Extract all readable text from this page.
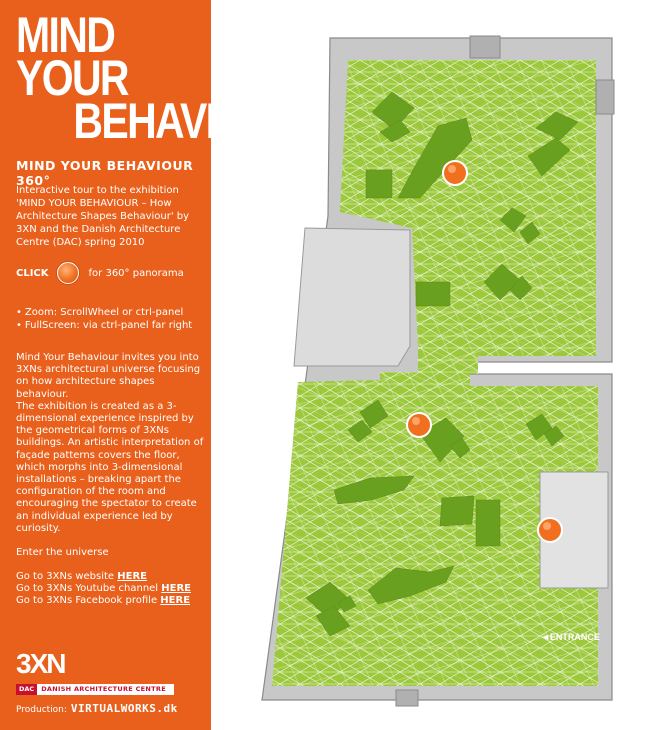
MIND YOUR
BEHAVIOUR
MIND YOUR BEHAVIOUR 360°
Interactive tour to the exhibition 'MIND YOUR BEHAVIOUR – How Architecture Shapes Behaviour' by 3XN and the Danish Architecture Centre (DAC) spring 2010
CLICK	for 360° panorama
• Zoom: ScrollWheel or ctrl-panel
• FullScreen: via ctrl-panel far right
Mind Your Behaviour invites you into 3XNs architectural universe focusing on how architecture shapes behaviour.
The exhibition is created as a 3-dimensional experience inspired by the geometrical forms of 3XNs buildings. An artistic interpretation of façade patterns covers the floor, which morphs into 3-dimensional installations – breaking apart the configuration of the room and encouraging the spectator to create an individual experience led by curiosity.
Enter the universe
Go to 3XNs website HERE
Go to 3XNs Youtube channel HERE
Go to 3XNs Facebook profile HERE
3XN
DAC	DANISH ARCHITECTURE CENTRE
Production: VIRTUALWORKS.dk
◄ENTRANCE
